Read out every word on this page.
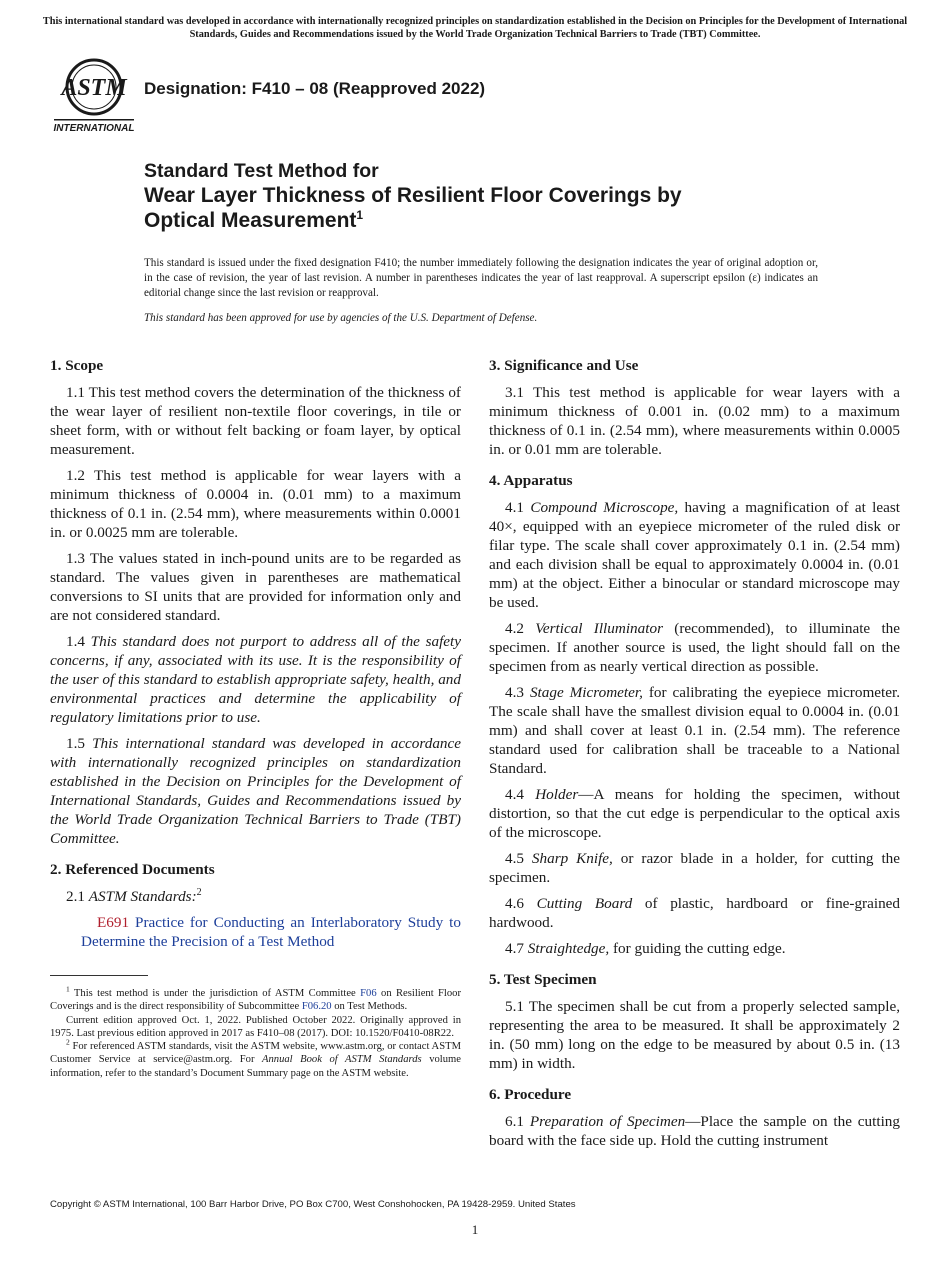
This international standard was developed in accordance with internationally recognized principles on standardization established in the Decision on Principles for the Development of International Standards, Guides and Recommendations issued by the World Trade Organization Technical Barriers to Trade (TBT) Committee.
ASTM
INTERNATIONAL
Designation: F410 – 08 (Reapproved 2022)
Standard Test Method for
Wear Layer Thickness of Resilient Floor Coverings by
Optical Measurement$^1$
This standard is issued under the fixed designation F410; the number immediately following the designation indicates the year of original adoption or, in the case of revision, the year of last revision. A number in parentheses indicates the year of last reapproval. A superscript epsilon (ε) indicates an editorial change since the last revision or reapproval.
This standard has been approved for use by agencies of the U.S. Department of Defense.

1. Scope

1.1 This test method covers the determination of the thickness of the wear layer of resilient non-textile floor coverings, in tile or sheet form, with or without felt backing or foam layer, by optical measurement.

1.2 This test method is applicable for wear layers with a minimum thickness of 0.0004 in. (0.01 mm) to a maximum thickness of 0.1 in. (2.54 mm), where measurements within 0.0001 in. or 0.0025 mm are tolerable.

1.3 The values stated in inch-pound units are to be regarded as standard. The values given in parentheses are mathematical conversions to SI units that are provided for information only and are not considered standard.

1.4 This standard does not purport to address all of the safety concerns, if any, associated with its use. It is the responsibility of the user of this standard to establish appropriate safety, health, and environmental practices and determine the applicability of regulatory limitations prior to use.

1.5 This international standard was developed in accordance with internationally recognized principles on standardization established in the Decision on Principles for the Development of International Standards, Guides and Recommendations issued by the World Trade Organization Technical Barriers to Trade (TBT) Committee.

2. Referenced Documents

2.1 ASTM Standards:$^2$

E691 Practice for Conducting an Interlaboratory Study to Determine the Precision of a Test Method

3. Significance and Use

3.1 This test method is applicable for wear layers with a minimum thickness of 0.001 in. (0.02 mm) to a maximum thickness of 0.1 in. (2.54 mm), where measurements within 0.0005 in. or 0.01 mm are tolerable.

4. Apparatus

4.1 Compound Microscope, having a magnification of at least 40×, equipped with an eyepiece micrometer of the ruled disk or filar type. The scale shall cover approximately 0.1 in. (2.54 mm) and each division shall be equal to approximately 0.0004 in. (0.01 mm) at the object. Either a binocular or standard microscope may be used.

4.2 Vertical Illuminator (recommended), to illuminate the specimen. If another source is used, the light should fall on the specimen from as nearly vertical direction as possible.

4.3 Stage Micrometer, for calibrating the eyepiece micrometer. The scale shall have the smallest division equal to 0.0004 in. (0.01 mm) and shall cover at least 0.1 in. (2.54 mm). The reference standard used for calibration shall be traceable to a National Standard.

4.4 Holder—A means for holding the specimen, without distortion, so that the cut edge is perpendicular to the optical axis of the microscope.

4.5 Sharp Knife, or razor blade in a holder, for cutting the specimen.

4.6 Cutting Board of plastic, hardboard or fine-grained hardwood.

4.7 Straightedge, for guiding the cutting edge.

5. Test Specimen

5.1 The specimen shall be cut from a properly selected sample, representing the area to be measured. It shall be approximately 2 in. (50 mm) long on the edge to be measured by about 0.5 in. (13 mm) in width.

6. Procedure

6.1 Preparation of Specimen—Place the sample on the cutting board with the face side up. Hold the cutting instrument

$^1$ This test method is under the jurisdiction of ASTM Committee F06 on Resilient Floor Coverings and is the direct responsibility of Subcommittee F06.20 on Test Methods.

Current edition approved Oct. 1, 2022. Published October 2022. Originally approved in 1975. Last previous edition approved in 2017 as F410–08 (2017). DOI: 10.1520/F0410-08R22.

$^2$ For referenced ASTM standards, visit the ASTM website, www.astm.org, or contact ASTM Customer Service at service@astm.org. For Annual Book of ASTM Standards volume information, refer to the standard’s Document Summary page on the ASTM website.

Copyright © ASTM International, 100 Barr Harbor Drive, PO Box C700, West Conshohocken, PA 19428-2959. United States
1
